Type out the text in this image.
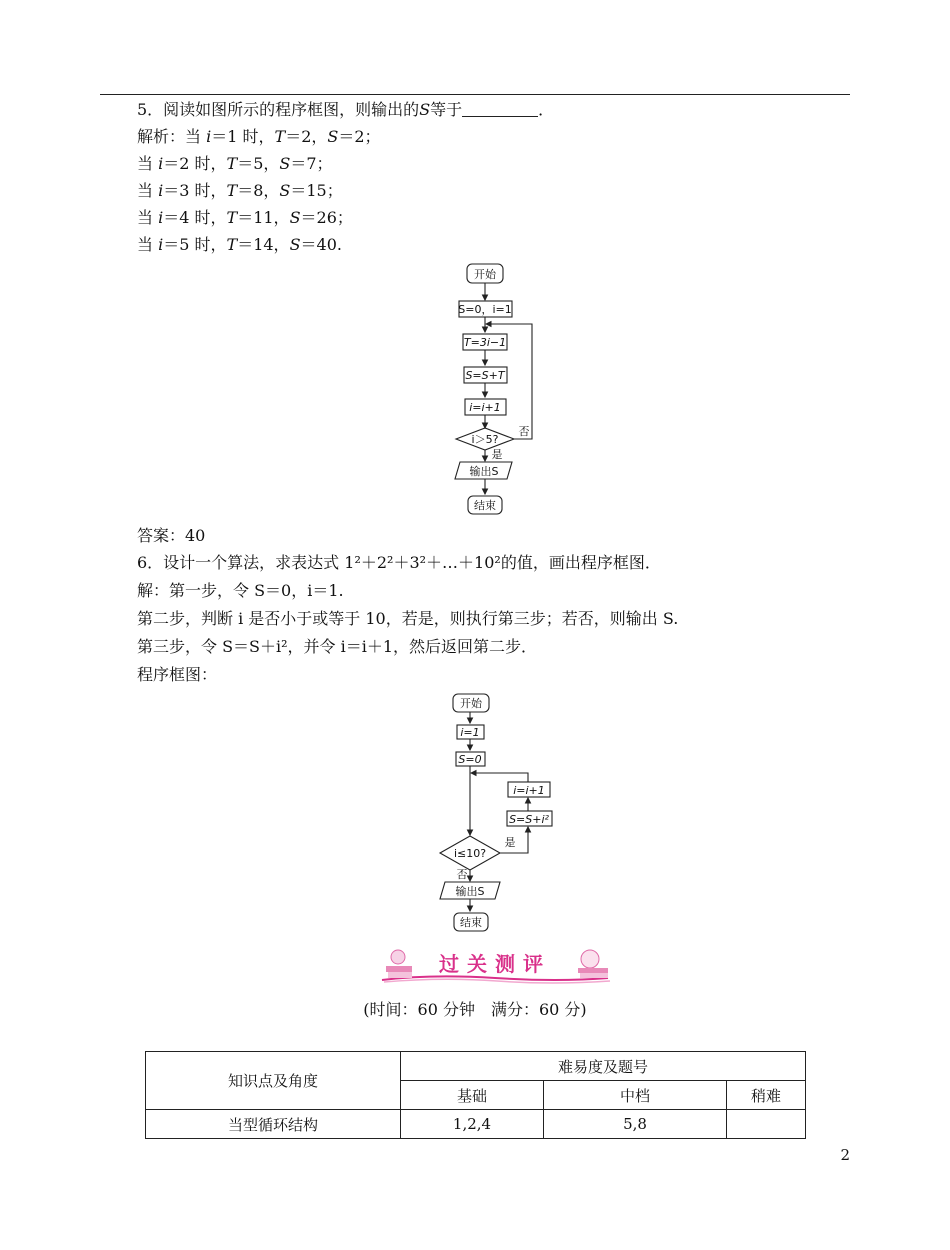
5．阅读如图所示的程序框图，则输出的S等于	．
解析：当 i＝1 时，T＝2，S＝2；
当 i＝2 时，T＝5，S＝7；
当 i＝3 时，T＝8，S＝15；
当 i＝4 时，T＝11，S＝26；
当 i＝5 时，T＝14，S＝40.
开始
S=0，i=1
T=3i−1
S=S+T
i=i+1
i＞5?
否
是
输出S
结束
答案：40
6．设计一个算法，求表达式 1²＋2²＋3²＋…＋10²的值，画出程序框图．
解：第一步，令 S＝0，i＝1.
第二步，判断 i 是否小于或等于 10，若是，则执行第三步；若否，则输出 S.
第三步，令 S＝S＋i²，并令 i＝i＋1，然后返回第二步．
程序框图：
开始
i=1
S=0
i=i+1
S=S+i²
i≤10?
是
否
输出S
结束
过关测评
(时间：60 分钟　满分：60 分)
知识点及角度	难易度及题号		
	基础	中档	稍难
当型循环结构	1,2,4	5,8	
2
